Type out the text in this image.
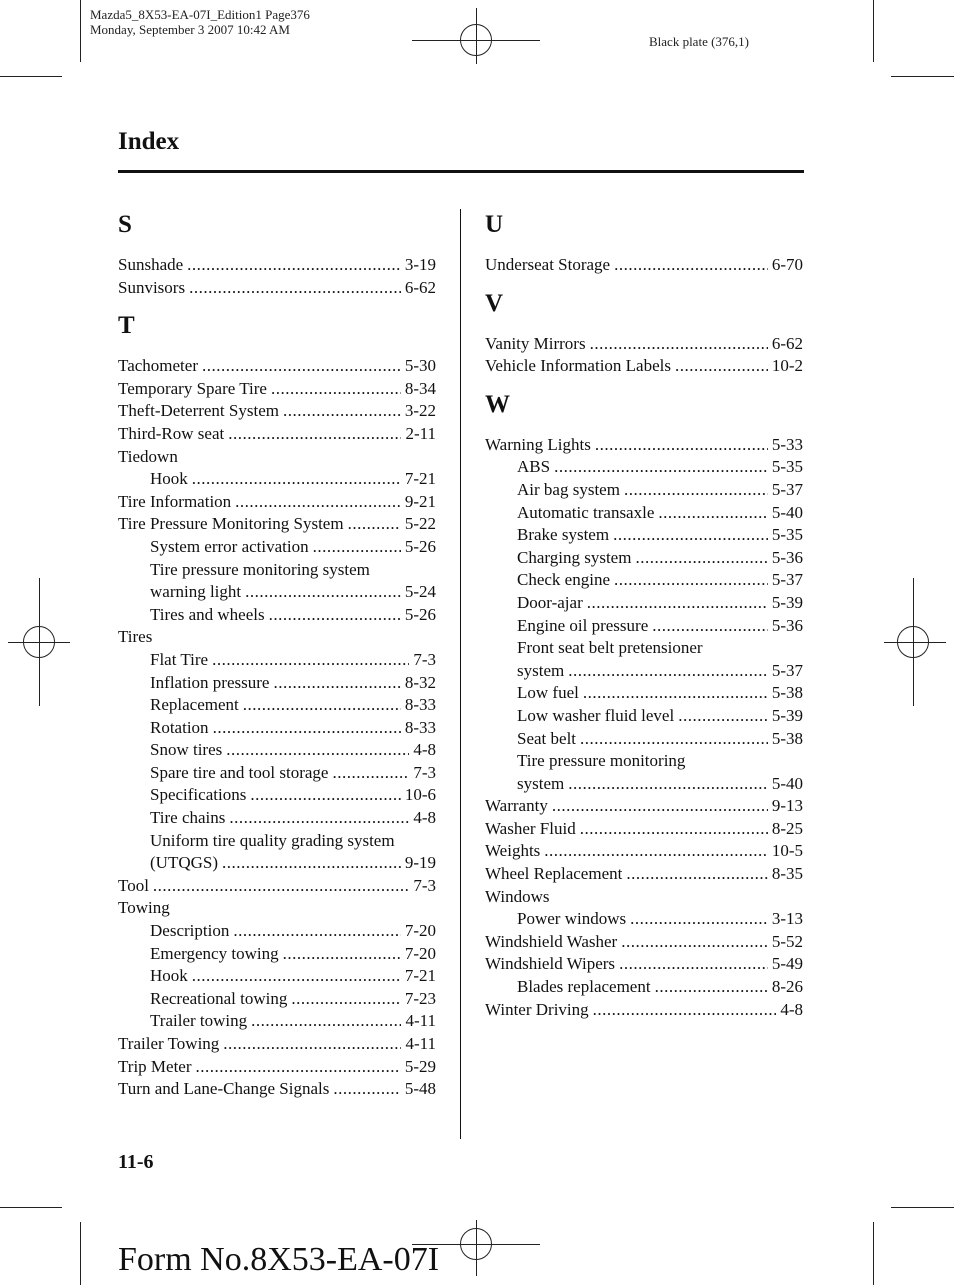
Mazda5_8X53-EA-07I_Edition1 Page376
Monday, September 3 2007 10:42 AM
Black plate (376,1)
Index
S
Sunshade .....	3-19
Sunvisors .....	6-62
T
Tachometer .....	5-30
Temporary Spare Tire .....	8-34
Theft-Deterrent System .....	3-22
Third-Row seat .....	2-11
Tiedown
Hook .....	7-21
Tire Information .....	9-21
Tire Pressure Monitoring System .....	5-22
System error activation .....	5-26
Tire pressure monitoring system
warning light .....	5-24
Tires and wheels .....	5-26
Tires
Flat Tire .....	7-3
Inflation pressure .....	8-32
Replacement .....	8-33
Rotation .....	8-33
Snow tires .....	4-8
Spare tire and tool storage .....	7-3
Specifications .....	10-6
Tire chains .....	4-8
Uniform tire quality grading system
(UTQGS) .....	9-19
Tool .....	7-3
Towing
Description .....	7-20
Emergency towing .....	7-20
Hook .....	7-21
Recreational towing .....	7-23
Trailer towing .....	4-11
Trailer Towing .....	4-11
Trip Meter .....	5-29
Turn and Lane-Change Signals .....	5-48
U
Underseat Storage .....	6-70
V
Vanity Mirrors .....	6-62
Vehicle Information Labels .....	10-2
W
Warning Lights .....	5-33
ABS .....	5-35
Air bag system .....	5-37
Automatic transaxle .....	5-40
Brake system .....	5-35
Charging system .....	5-36
Check engine .....	5-37
Door-ajar .....	5-39
Engine oil pressure .....	5-36
Front seat belt pretensioner
system .....	5-37
Low fuel .....	5-38
Low washer fluid level .....	5-39
Seat belt .....	5-38
Tire pressure monitoring
system .....	5-40
Warranty .....	9-13
Washer Fluid .....	8-25
Weights .....	10-5
Wheel Replacement .....	8-35
Windows
Power windows .....	3-13
Windshield Washer .....	5-52
Windshield Wipers .....	5-49
Blades replacement .....	8-26
Winter Driving .....	4-8
11-6
Form No.8X53-EA-07I
